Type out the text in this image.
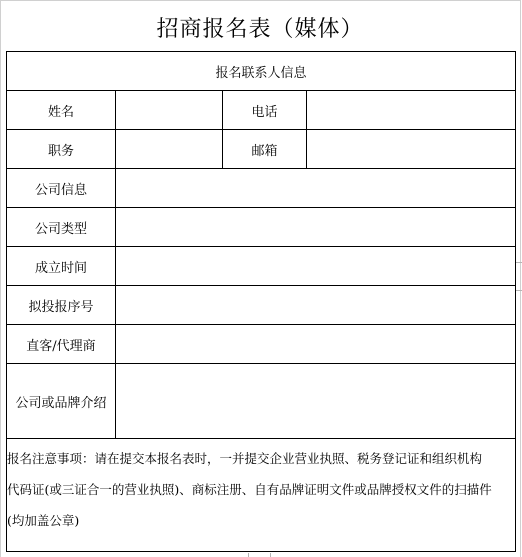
招商报名表（媒体）
报名联系人信息			
姓名		电话	

职务		邮箱	

公司信息			

公司类型			

成立时间			

拟投报序号			

直客/代理商			

公司或品牌介绍			

报名注意事项：请在提交本报名表时，一并提交企业营业执照、税务登记证和组织机构
代码证(或三证合一的营业执照)、商标注册、自有品牌证明文件或品牌授权文件的扫描件
(均加盖公章)			
